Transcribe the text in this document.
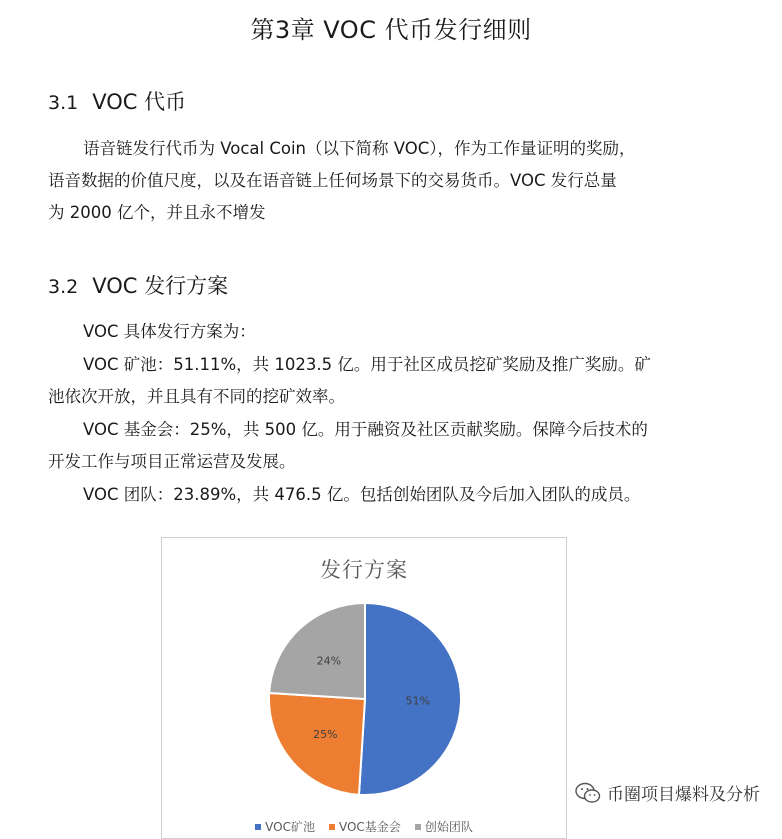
第3章 VOC 代币发行细则
3.1 VOC 代币

语音链发行代币为 Vocal Coin（以下简称 VOC），作为工作量证明的奖励，

语音数据的价值尺度，以及在语音链上任何场景下的交易货币。VOC 发行总量

为 2000 亿个，并且永不增发

3.2 VOC 发行方案

VOC 具体发行方案为：

VOC 矿池：51.11%，共 1023.5 亿。用于社区成员挖矿奖励及推广奖励。矿

池依次开放，并且具有不同的挖矿效率。

VOC 基金会：25%，共 500 亿。用于融资及社区贡献奖励。保障今后技术的

开发工作与项目正常运营及发展。

VOC 团队：23.89%，共 476.5 亿。包括创始团队及今后加入团队的成员。

发行方案
51%
25%
24%
VOC矿池 VOC基金会 创始团队
币圈项目爆料及分析
